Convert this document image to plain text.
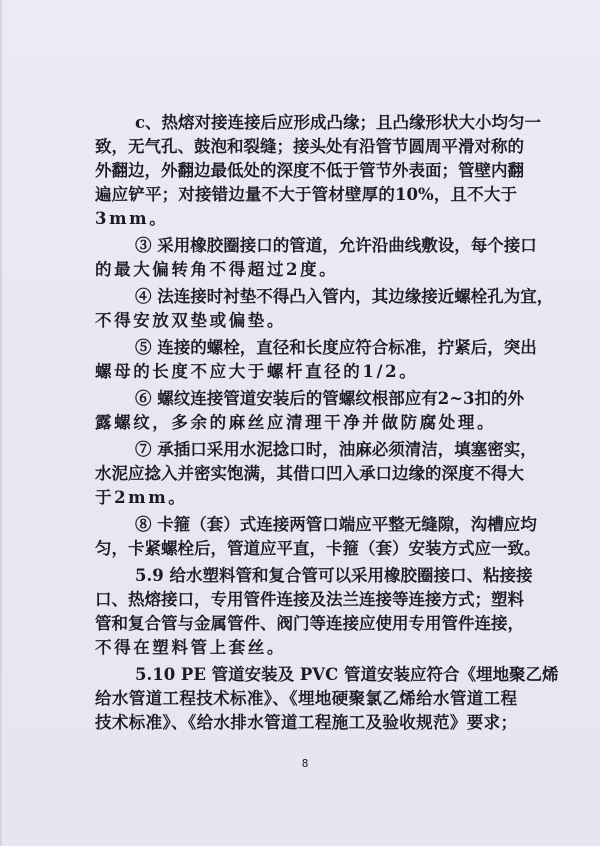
c、热熔对接连接后应形成凸缘；且凸缘形状大小均匀一
致，无气孔、鼓泡和裂缝；接头处有沿管节圆周平滑对称的
外翻边，外翻边最低处的深度不低于管节外表面；管壁内翻
遍应铲平；对接错边量不大于管材壁厚的10%，且不大于
3mm。
③ 采用橡胶圈接口的管道，允许沿曲线敷设，每个接口
的最大偏转角不得超过2度。
④ 法连接时衬垫不得凸入管内，其边缘接近螺栓孔为宜，
不得安放双垫或偏垫。
⑤ 连接的螺栓，直径和长度应符合标准，拧紧后，突出
螺母的长度不应大于螺杆直径的1/2。
⑥ 螺纹连接管道安装后的管螺纹根部应有2~3扣的外
露螺纹，多余的麻丝应清理干净并做防腐处理。
⑦ 承插口采用水泥捻口时，油麻必须清洁，填塞密实，
水泥应捻入并密实饱满，其借口凹入承口边缘的深度不得大
于2mm。
⑧ 卡箍（套）式连接两管口端应平整无缝隙，沟槽应均
匀，卡紧螺栓后，管道应平直，卡箍（套）安装方式应一致。
5.9 给水塑料管和复合管可以采用橡胶圈接口、粘接接
口、热熔接口，专用管件连接及法兰连接等连接方式；塑料
管和复合管与金属管件、阀门等连接应使用专用管件连接，
不得在塑料管上套丝。
5.10 PE 管道安装及 PVC 管道安装应符合《埋地聚乙烯
给水管道工程技术标准》、《埋地硬聚氯乙烯给水管道工程
技术标准》、《给水排水管道工程施工及验收规范》要求；
8
